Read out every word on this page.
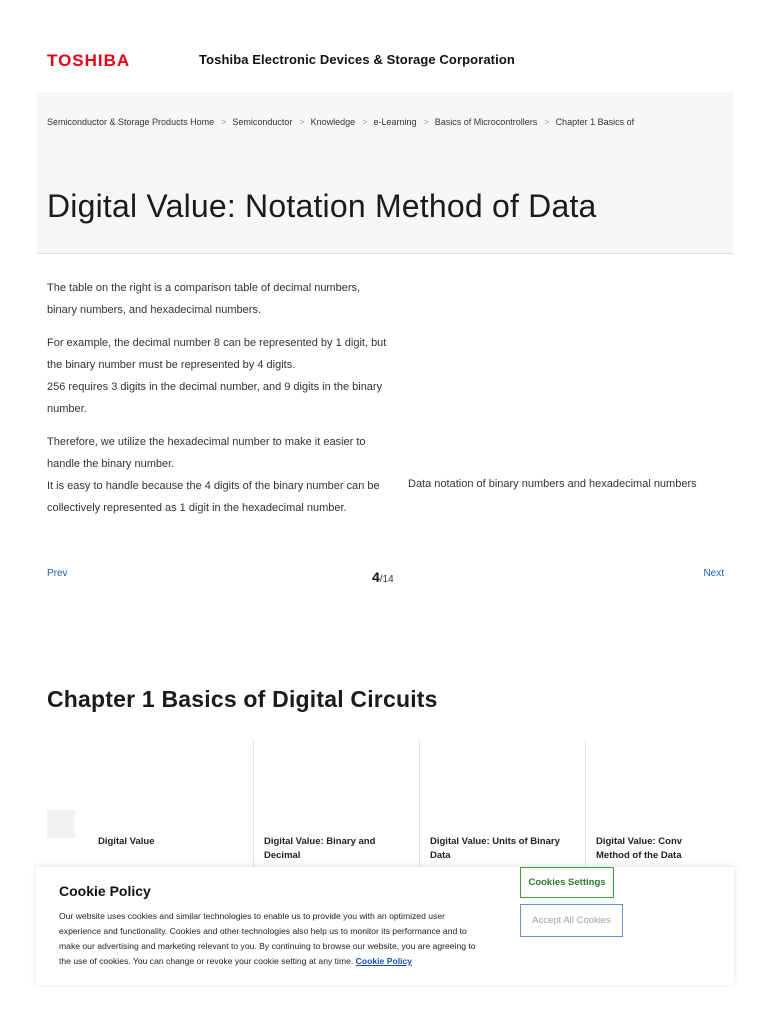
TOSHIBA	Toshiba Electronic Devices & Storage Corporation
Semiconductor & Storage Products Home > Semiconductor > Knowledge > e-Learning > Basics of Microcontrollers > Chapter 1 Basics of
Digital Value: Notation Method of Data

The table on the right is a comparison table of decimal numbers, binary numbers, and hexadecimal numbers.

For example, the decimal number 8 can be represented by 1 digit, but the binary number must be represented by 4 digits.
256 requires 3 digits in the decimal number, and 9 digits in the binary number.

Therefore, we utilize the hexadecimal number to make it easier to handle the binary number.
It is easy to handle because the 4 digits of the binary number can be collectively represented as 1 digit in the hexadecimal number.

Data notation of binary numbers and hexadecimal numbers
Prev	4/14
Next
Chapter 1 Basics of Digital Circuits
Digital Value	Digital Value: Binary and Decimal
Digital Value: Units of Binary Data
Digital Value: Conv Method of the Data
Cookie Policy
Our website uses cookies and similar technologies to enable us to provide you with an optimized user experience and functionality. Cookies and other technologies also help us to monitor its performance and to make our advertising and marketing relevant to you. By continuing to browse our website, you are agreeing to the use of cookies. You can change or revoke your cookie setting at any time. Cookie Policy
Cookies Settings
Accept All Cookies
